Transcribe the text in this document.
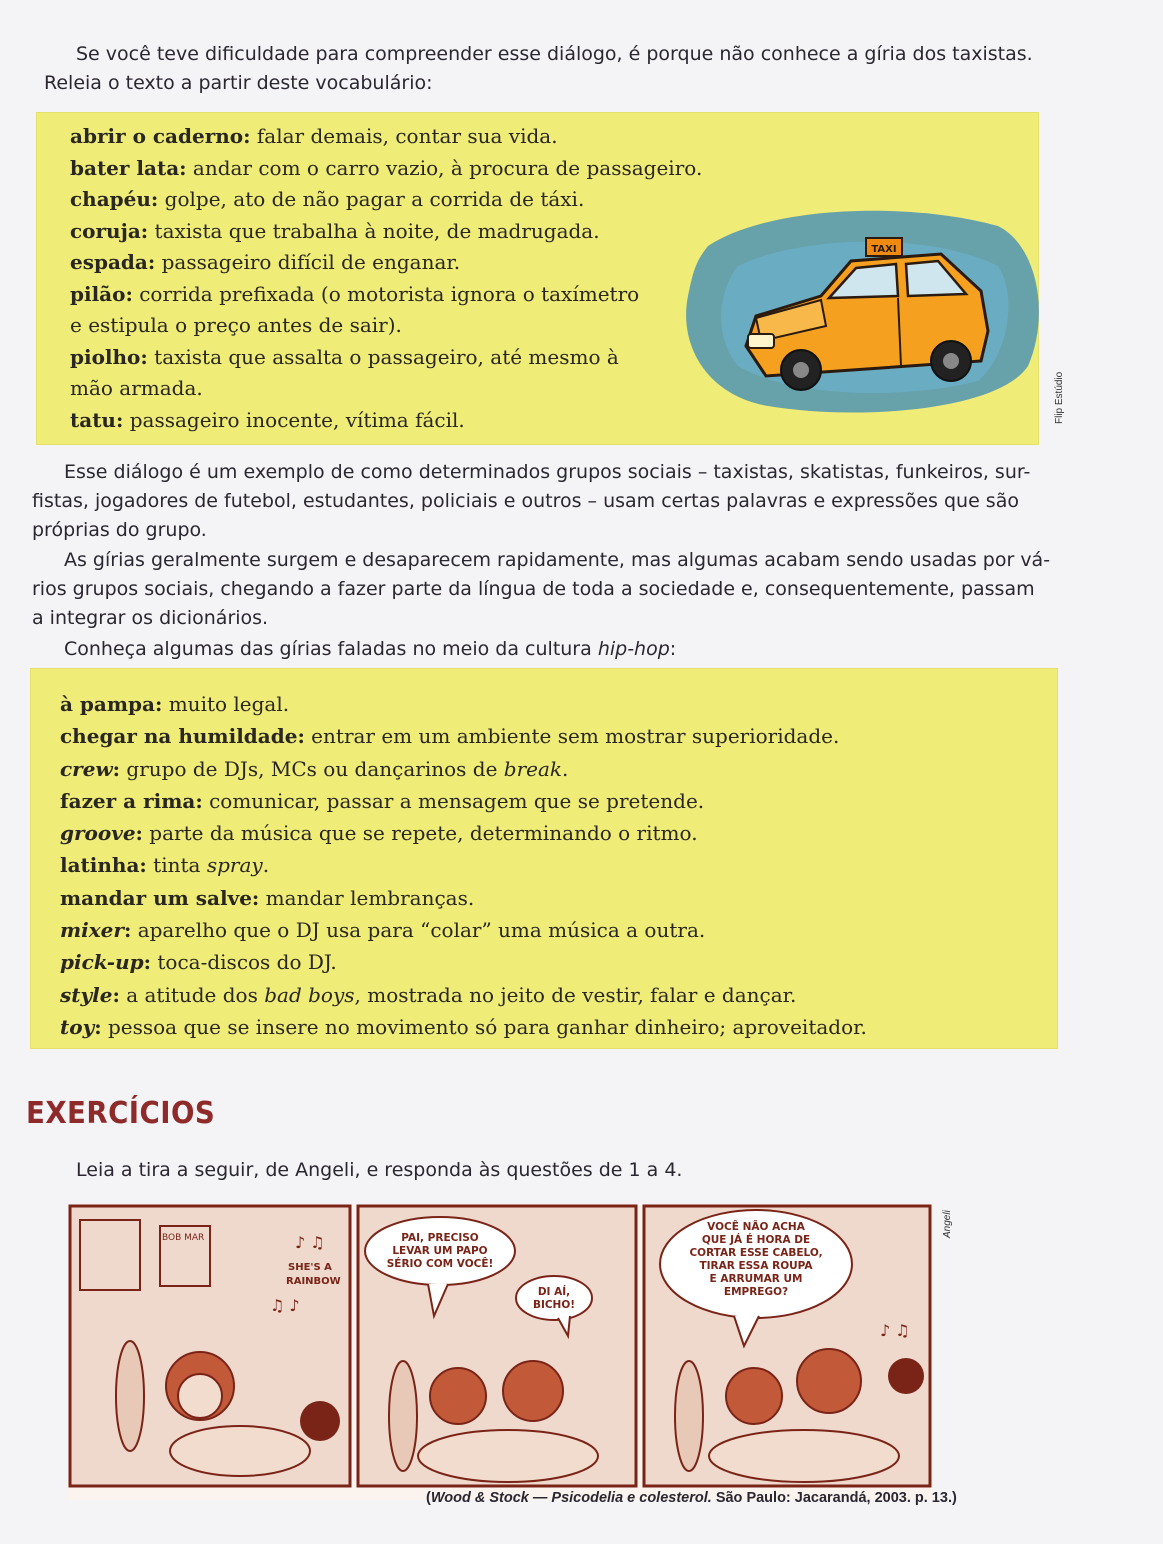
Se você teve dificuldade para compreender esse diálogo, é porque não conhece a gíria dos taxistas.
Releia o texto a partir deste vocabulário:

TAXI
Flip Estúdio
abrir o caderno: falar demais, contar sua vida.
bater lata: andar com o carro vazio, à procura de passageiro.
chapéu: golpe, ato de não pagar a corrida de táxi.
coruja: taxista que trabalha à noite, de madrugada.
espada: passageiro difícil de enganar.
pilão: corrida prefixada (o motorista ignora o taxímetro
e estipula o preço antes de sair).
piolho: taxista que assalta o passageiro, até mesmo à
mão armada.
tatu: passageiro inocente, vítima fácil.
Esse diálogo é um exemplo de como determinados grupos sociais – taxistas, skatistas, funkeiros, sur-
fistas, jogadores de futebol, estudantes, policiais e outros – usam certas palavras e expressões que são
próprias do grupo.
As gírias geralmente surgem e desaparecem rapidamente, mas algumas acabam sendo usadas por vá-
rios grupos sociais, chegando a fazer parte da língua de toda a sociedade e, consequentemente, passam
a integrar os dicionários.

Conheça algumas das gírias faladas no meio da cultura hip-hop:

à pampa: muito legal.
chegar na humildade: entrar em um ambiente sem mostrar superioridade.
crew: grupo de DJs, MCs ou dançarinos de break.
fazer a rima: comunicar, passar a mensagem que se pretende.
groove: parte da música que se repete, determinando o ritmo.
latinha: tinta spray.
mandar um salve: mandar lembranças.
mixer: aparelho que o DJ usa para “colar” uma música a outra.
pick-up: toca-discos do DJ.
style: a atitude dos bad boys, mostrada no jeito de vestir, falar e dançar.
toy: pessoa que se insere no movimento só para ganhar dinheiro; aproveitador.
EXERCÍCIOS

Leia a tira a seguir, de Angeli, e responda às questões de 1 a 4.

BOB MAR
SHE'S A
RAINBOW
♪ ♫
♫ ♪
PAI, PRECISO
LEVAR UM PAPO
SÉRIO COM VOCÊ!
DI AÍ,
BICHO!
VOCÊ NÃO ACHA
QUE JÁ É HORA DE
CORTAR ESSE CABELO,
TIRAR ESSA ROUPA
E ARRUMAR UM
EMPREGO?
♪ ♫
Angeli
(Wood & Stock — Psicodelia e colesterol. São Paulo: Jacarandá, 2003. p. 13.)
